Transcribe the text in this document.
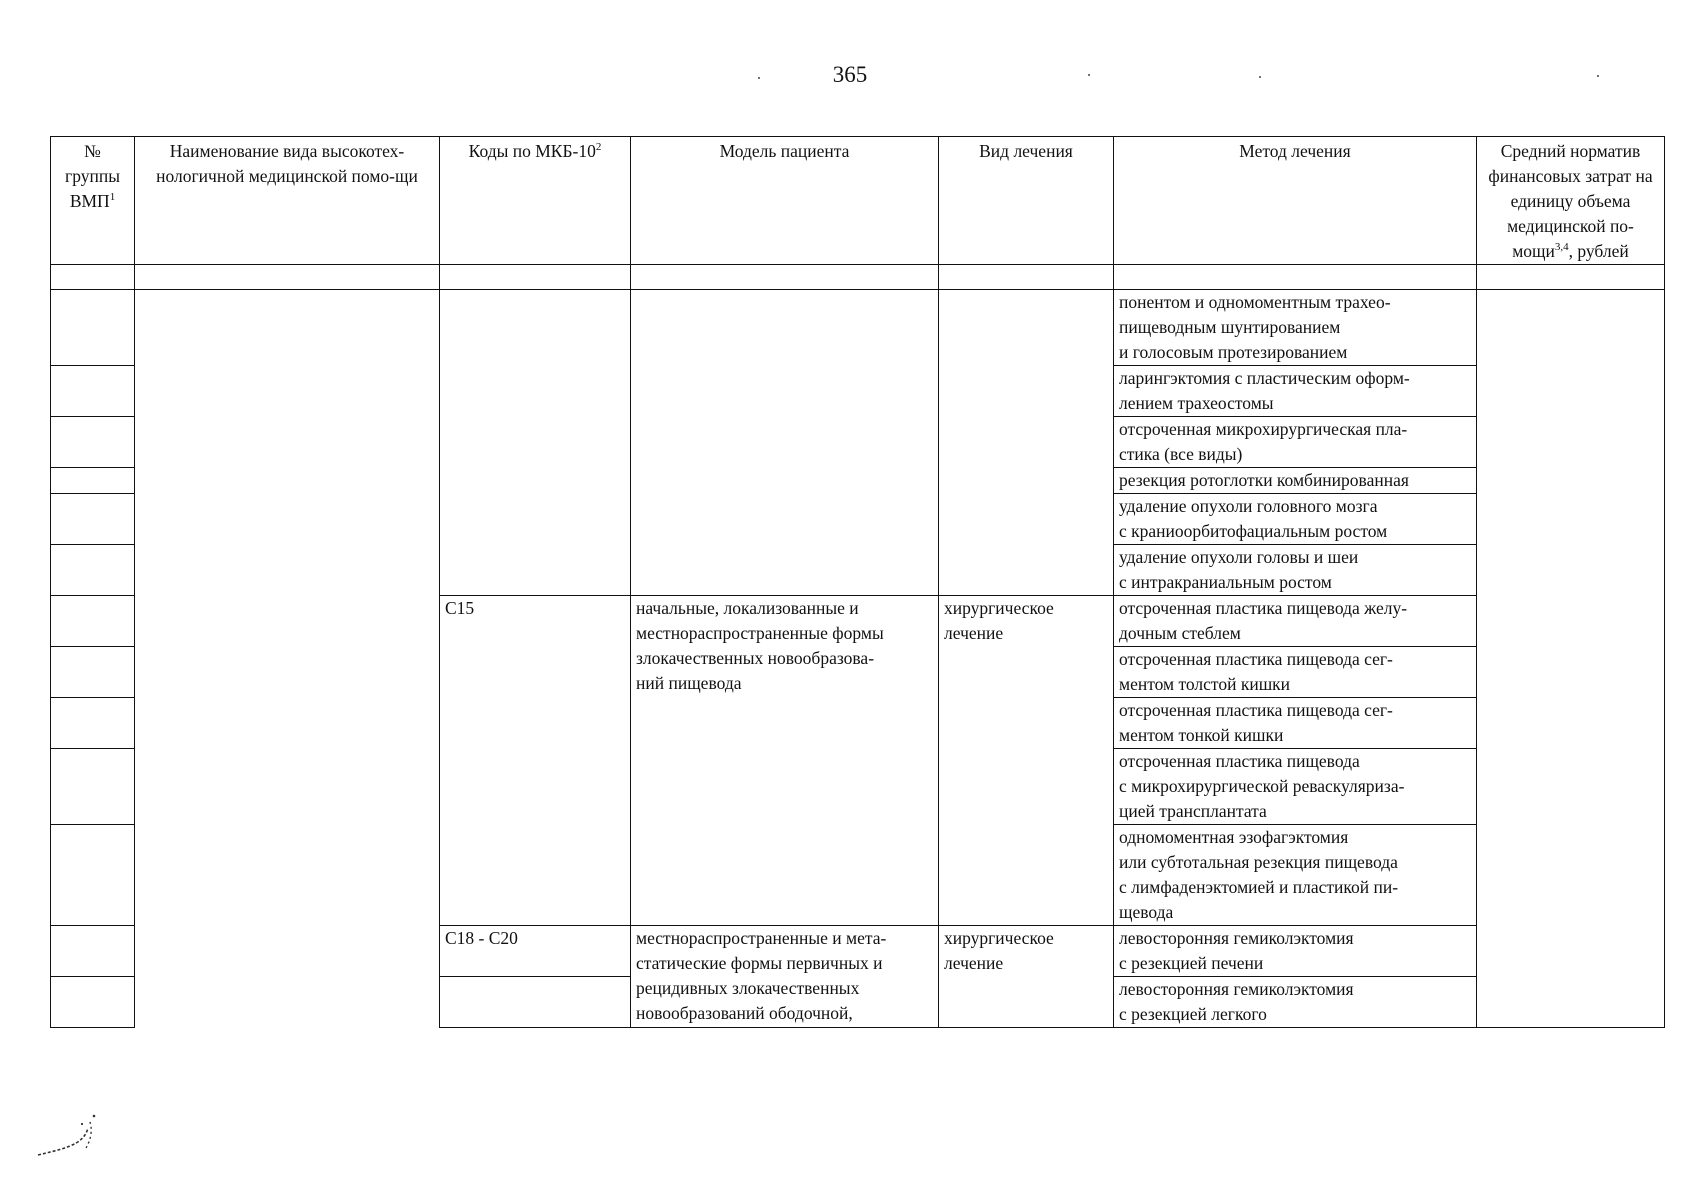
365
№ группы ВМП$^1$	Наименование вида высокотех-нологичной медицинской помо-щи	Коды по МКБ-$10^2$	Модель пациента	Вид лечения	Метод лечения	Средний норматив финансовых затрат на единицу объема медицинской по-мощи$^{3,4}$, рублей

					понентом и одномоментным трахео-
пищеводным шунтированием
и голосовым протезированием	
					ларингэктомия с пластическим оформ-
лением трахеостомы	
					отсроченная микрохирургическая пла-
стика (все виды)	
					резекция ротоглотки комбинированная	
					удаление опухоли головного мозга
с краниоорбитофациальным ростом	
					удаление опухоли головы и шеи
с интракраниальным ростом	
		C15	начальные, локализованные и
местнораспространенные формы
злокачественных новообразова-
ний пищевода	хирургическое
лечение	отсроченная пластика пищевода желу-
дочным стеблем	
					отсроченная пластика пищевода сег-
ментом толстой кишки	
					отсроченная пластика пищевода сег-
ментом тонкой кишки	
					отсроченная пластика пищевода
с микрохирургической реваскуляриза-
цией трансплантата	
					одномоментная эзофагэктомия
или субтотальная резекция пищевода
с лимфаденэктомией и пластикой пи-
щевода	
		C18 - C20	местнораспространенные и мета-
статические формы первичных и
рецидивных злокачественных
новообразований ободочной,	хирургическое
лечение	левосторонняя гемиколэктомия
с резекцией печени	
					левосторонняя гемиколэктомия
с резекцией легкого	
